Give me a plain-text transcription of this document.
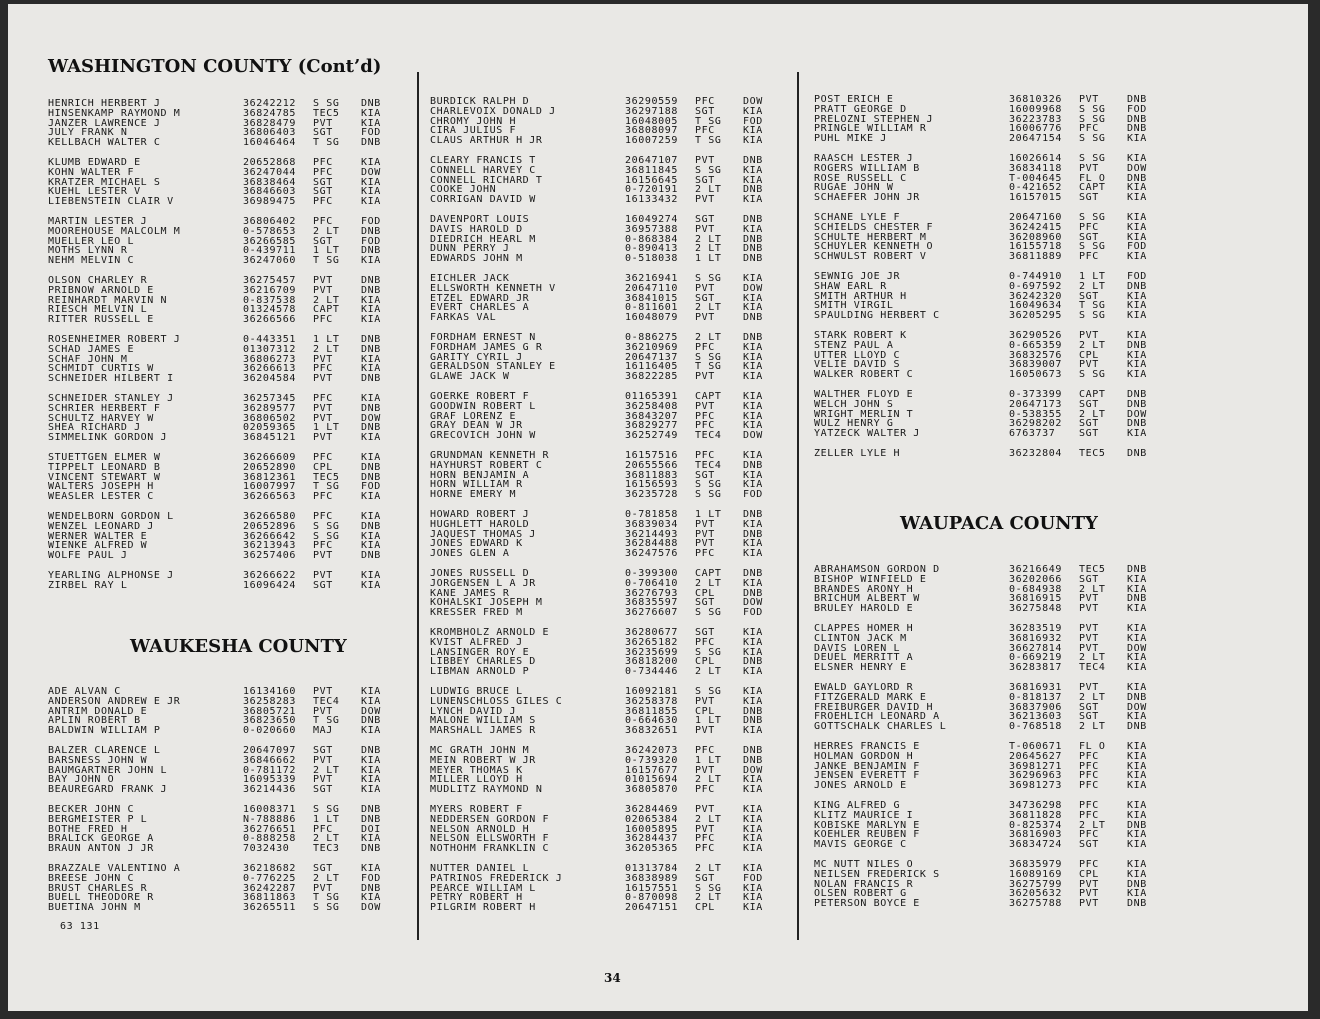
WASHINGTON COUNTY (Cont’d)
WAUKESHA COUNTY
HENRICH HERBERT J	36242212	S SG	DNB
HINSENKAMP RAYMOND M	36824785	TEC5	KIA
JANZER LAWRENCE J	36828479	PVT	KIA
JULY FRANK N	36806403	SGT	FOD
KELLBACH WALTER C	16046464	T SG	DNB
KLUMB EDWARD E	20652868	PFC	KIA
KOHN WALTER F	36247044	PFC	DOW
KRATZER MICHAEL S	36838464	SGT	KIA
KUEHL LESTER V	36846603	SGT	KIA
LIEBENSTEIN CLAIR V	36989475	PFC	KIA
MARTIN LESTER J	36806402	PFC	FOD
MOOREHOUSE MALCOLM M	0-578653	2 LT	DNB
MUELLER LEO L	36266585	SGT	FOD
MOTHS LYNN R	0-439711	1 LT	DNB
NEHM MELVIN C	36247060	T SG	KIA
OLSON CHARLEY R	36275457	PVT	DNB
PRIBNOW ARNOLD E	36216709	PVT	DNB
REINHARDT MARVIN N	0-837538	2 LT	KIA
RIESCH MELVIN L	01324578	CAPT	KIA
RITTER RUSSELL E	36266566	PFC	KIA
ROSENHEIMER ROBERT J	0-443351	1 LT	DNB
SCHAD JAMES E	01307312	2 LT	DNB
SCHAF JOHN M	36806273	PVT	KIA
SCHMIDT CURTIS W	36266613	PFC	KIA
SCHNEIDER HILBERT I	36204584	PVT	DNB
SCHNEIDER STANLEY J	36257345	PFC	KIA
SCHRIER HERBERT F	36289577	PVT	DNB
SCHULTZ HARVEY W	36806502	PVT	DOW
SHEA RICHARD J	02059365	1 LT	DNB
SIMMELINK GORDON J	36845121	PVT	KIA
STUETTGEN ELMER W	36266609	PFC	KIA
TIPPELT LEONARD B	20652890	CPL	DNB
VINCENT STEWART W	36812361	TEC5	DNB
WALTERS JOSEPH H	16007997	T SG	FOD
WEASLER LESTER C	36266563	PFC	KIA
WENDELBORN GORDON L	36266580	PFC	KIA
WENZEL LEONARD J	20652896	S SG	DNB
WERNER WALTER E	36266642	S SG	KIA
WIENKE ALFRED W	36213943	PFC	KIA
WOLFE PAUL J	36257406	PVT	DNB
YEARLING ALPHONSE J	36266622	PVT	KIA
ZIRBEL RAY L	16096424	SGT	KIA
ADE ALVAN C	16134160	PVT	KIA
ANDERSON ANDREW E JR	36258283	TEC4	KIA
ANTRIM DONALD E	36805721	PVT	DOW
APLIN ROBERT B	36823650	T SG	DNB
BALDWIN WILLIAM P	0-020660	MAJ	KIA
BALZER CLARENCE L	20647097	SGT	DNB
BARSNESS JOHN W	36846662	PVT	KIA
BAUMGARTNER JOHN L	0-781172	2 LT	KIA
BAY JOHN O	16095339	PVT	KIA
BEAUREGARD FRANK J	36214436	SGT	KIA
BECKER JOHN C	16008371	S SG	DNB
BERGMEISTER P L	N-788886	1 LT	DNB
BOTHE FRED H	36276651	PFC	DOI
BRALICK GEORGE A	0-888258	2 LT	KIA
BRAUN ANTON J JR	7032430	TEC3	DNB
BRAZZALE VALENTINO A	36218682	SGT	KIA
BREESE JOHN C	0-776225	2 LT	FOD
BRUST CHARLES R	36242287	PVT	DNB
BUELL THEODORE R	36811863	T SG	KIA
BUETINA JOHN M	36265511	S SG	DOW
BURDICK RALPH D	36290559	PFC	DOW
CHARLEVOIX DONALD J	36297188	SGT	KIA
CHROMY JOHN H	16048005	T SG	FOD
CIRA JULIUS F	36808097	PFC	KIA
CLAUS ARTHUR H JR	16007259	T SG	KIA
CLEARY FRANCIS T	20647107	PVT	DNB
CONNELL HARVEY C	36811845	S SG	KIA
CONNELL RICHARD T	16156645	SGT	KIA
COOKE JOHN	0-720191	2 LT	DNB
CORRIGAN DAVID W	16133432	PVT	KIA
DAVENPORT LOUIS	16049274	SGT	DNB
DAVIS HAROLD D	36957388	PVT	KIA
DIEDRICH HEARL M	0-868384	2 LT	DNB
DUNN PERRY J	0-890413	2 LT	DNB
EDWARDS JOHN M	0-518038	1 LT	DNB
EICHLER JACK	36216941	S SG	KIA
ELLSWORTH KENNETH V	20647110	PVT	DOW
ETZEL EDWARD JR	36841015	SGT	KIA
EVERT CHARLES A	0-811601	2 LT	KIA
FARKAS VAL	16048079	PVT	DNB
FORDHAM ERNEST N	0-886275	2 LT	DNB
FORDHAM JAMES G R	36210969	PFC	KIA
GARITY CYRIL J	20647137	S SG	KIA
GERALDSON STANLEY E	16116405	T SG	KIA
GLAWE JACK W	36822285	PVT	KIA
GOERKE ROBERT F	01165391	CAPT	KIA
GOODWIN ROBERT L	36258408	PVT	KIA
GRAF LORENZ E	36843207	PFC	KIA
GRAY DEAN W JR	36829277	PFC	KIA
GRECOVICH JOHN W	36252749	TEC4	DOW
GRUNDMAN KENNETH R	16157516	PFC	KIA
HAYHURST ROBERT C	20655566	TEC4	DNB
HORN BENJAMIN A	36811883	SGT	KIA
HORN WILLIAM R	16156593	S SG	KIA
HORNE EMERY M	36235728	S SG	FOD
HOWARD ROBERT J	0-781858	1 LT	DNB
HUGHLETT HAROLD	36839034	PVT	KIA
JAQUEST THOMAS J	36214493	PVT	DNB
JONES EDWARD K	36284488	PVT	KIA
JONES GLEN A	36247576	PFC	KIA
JONES RUSSELL D	0-399300	CAPT	DNB
JORGENSEN L A JR	0-706410	2 LT	KIA
KANE JAMES R	36276793	CPL	DNB
KOHALSKI JOSEPH M	36835597	SGT	DOW
KRESSER FRED M	36276607	S SG	FOD
KROMBHOLZ ARNOLD E	36280677	SGT	KIA
KVIST ALFRED J	36265182	PFC	KIA
LANSINGER ROY E	36235699	S SG	KIA
LIBBEY CHARLES D	36818200	CPL	DNB
LIBMAN ARNOLD P	0-734446	2 LT	KIA
LUDWIG BRUCE L	16092181	S SG	KIA
LUNENSCHLOSS GILES C	36258378	PVT	KIA
LYNCH DAVID J	36811855	CPL	DNB
MALONE WILLIAM S	0-664630	1 LT	DNB
MARSHALL JAMES R	36832651	PVT	KIA
MC GRATH JOHN M	36242073	PFC	DNB
MEIN ROBERT W JR	0-739320	1 LT	DNB
MEYER THOMAS K	16157677	PVT	DOW
MILLER LLOYD H	01015694	2 LT	KIA
MUDLITZ RAYMOND N	36805870	PFC	KIA
MYERS ROBERT F	36284469	PVT	KIA
NEDDERSEN GORDON F	02065384	2 LT	KIA
NELSON ARNOLD H	16005895	PVT	KIA
NELSON ELLSWORTH F	36284437	PFC	KIA
NOTHOHM FRANKLIN C	36205365	PFC	KIA
NUTTER DANIEL L	01313784	2 LT	KIA
PATRINOS FREDERICK J	36838989	SGT	FOD
PEARCE WILLIAM L	16157551	S SG	KIA
PETRY ROBERT H	0-870098	2 LT	KIA
PILGRIM ROBERT H	20647151	CPL	KIA
WAUPACA COUNTY
POST ERICH E	36810326	PVT	DNB
PRATT GEORGE D	16009968	S SG	FOD
PRELOZNI STEPHEN J	36223783	S SG	DNB
PRINGLE WILLIAM R	16006776	PFC	DNB
PUHL MIKE J	20647154	S SG	KIA
RAASCH LESTER J	16026614	S SG	KIA
ROGERS WILLIAM B	36834118	PVT	DOW
ROSE RUSSELL C	T-004645	FL O	DNB
RUGAE JOHN W	0-421652	CAPT	KIA
SCHAEFER JOHN JR	16157015	SGT	KIA
SCHANE LYLE F	20647160	S SG	KIA
SCHIELDS CHESTER F	36242415	PFC	KIA
SCHULTE HERBERT M	36208960	SGT	KIA
SCHUYLER KENNETH O	16155718	S SG	FOD
SCHWULST ROBERT V	36811889	PFC	KIA
SEWNIG JOE JR	0-744910	1 LT	FOD
SHAW EARL R	0-697592	2 LT	DNB
SMITH ARTHUR H	36242320	SGT	KIA
SMITH VIRGIL	16049634	T SG	KIA
SPAULDING HERBERT C	36205295	S SG	KIA
STARK ROBERT K	36290526	PVT	KIA
STENZ PAUL A	0-665359	2 LT	DNB
UTTER LLOYD C	36832576	CPL	KIA
VELIE DAVID S	36839007	PVT	KIA
WALKER ROBERT C	16050673	S SG	KIA
WALTHER FLOYD E	0-373399	CAPT	DNB
WELCH JOHN S	20647173	SGT	DNB
WRIGHT MERLIN T	0-538355	2 LT	DOW
WULZ HENRY G	36298202	SGT	DNB
YATZECK WALTER J	6763737	SGT	KIA
ZELLER LYLE H	36232804	TEC5	DNB
ABRAHAMSON GORDON D	36216649	TEC5	DNB
BISHOP WINFIELD E	36202066	SGT	KIA
BRANDES ARONY H	0-684938	2 LT	KIA
BRICHUM ALBERT W	36816915	PVT	DNB
BRULEY HAROLD E	36275848	PVT	KIA
CLAPPES HOMER H	36283519	PVT	KIA
CLINTON JACK M	36816932	PVT	KIA
DAVIS LOREN L	36627814	PVT	DOW
DEUEL MERRITT A	0-669219	2 LT	KIA
ELSNER HENRY E	36283817	TEC4	KIA
EWALD GAYLORD R	36816931	PVT	KIA
FITZGERALD MARK E	0-818137	2 LT	DNB
FREIBURGER DAVID H	36837906	SGT	DOW
FROEHLICH LEONARD A	36213603	SGT	KIA
GOTTSCHALK CHARLES L	0-768518	2 LT	DNB
HERRES FRANCIS E	T-060671	FL O	KIA
HOLMAN GORDON H	20645627	PFC	KIA
JANKE BENJAMIN F	36981271	PFC	KIA
JENSEN EVERETT F	36296963	PFC	KIA
JONES ARNOLD E	36981273	PFC	KIA
KING ALFRED G	34736298	PFC	KIA
KLITZ MAURICE I	36811828	PFC	KIA
KOBISKE MARLYN E	0-825374	2 LT	DNB
KOEHLER REUBEN F	36816903	PFC	KIA
MAVIS GEORGE C	36834724	SGT	KIA
MC NUTT NILES O	36835979	PFC	KIA
NEILSEN FREDERICK S	16089169	CPL	KIA
NOLAN FRANCIS R	36275799	PVT	DNB
OLSEN ROBERT G	36205632	PVT	KIA
PETERSON BOYCE E	36275788	PVT	DNB
63 131
34
